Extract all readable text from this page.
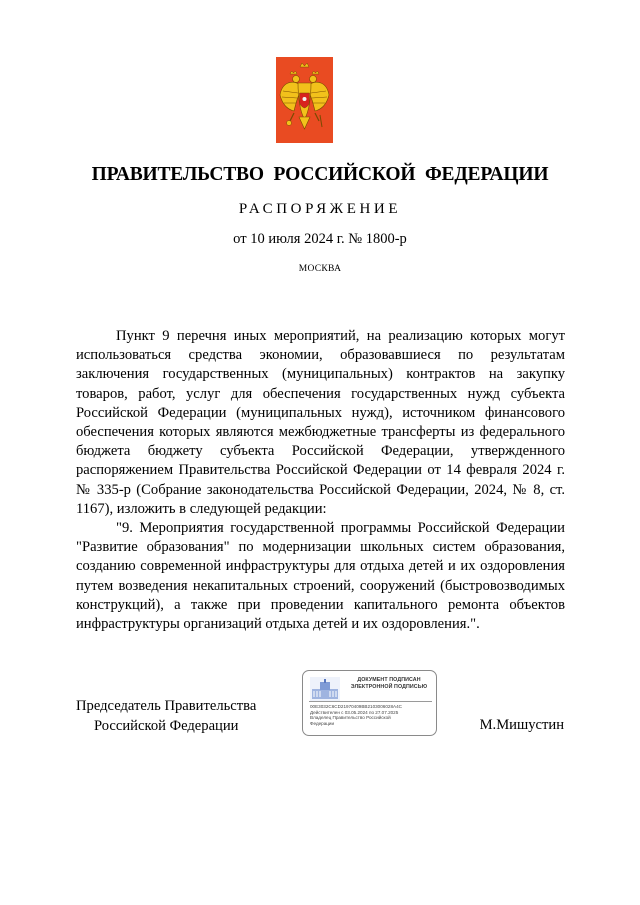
ПРАВИТЕЛЬСТВО РОССИЙСКОЙ ФЕДЕРАЦИИ
РАСПОРЯЖЕНИЕ
от 10 июля 2024 г. № 1800-р
МОСКВА

Пункт 9 перечня иных мероприятий, на реализацию которых могут использоваться средства экономии, образовавшиеся по результатам заключения государственных (муниципальных) контрактов на закупку товаров, работ, услуг для обеспечения государственных нужд субъекта Российской Федерации (муниципальных нужд), источником финансового обеспечения которых являются межбюджетные трансферты из федерального бюджета бюджету субъекта Российской Федерации, утвержденного распоряжением Правительства Российской Федерации от 14 февраля 2024 г. № 335-р (Собрание законодательства Российской Федерации, 2024, № 8, ст. 1167), изложить в следующей редакции:

"9. Мероприятия государственной программы Российской Федерации "Развитие образования" по модернизации школьных систем образования, созданию современной инфраструктуры для отдыха детей и их оздоровления путем возведения некапитальных строений, сооружений (быстровозводимых конструкций), а также при проведении капитального ремонта объектов инфраструктуры организаций отдыха детей и их оздоровления.".

Председатель Правительства
Российской Федерации
ДОКУМЕНТ ПОДПИСАН
ЭЛЕКТРОННОЙ ПОДПИСЬЮ
00E3032C6CD21970409BB2103006028A4C
Действителен с 03.05.2024 по 27.07.2025
Владелец Правительство Российской
Федерации	М.Мишустин
